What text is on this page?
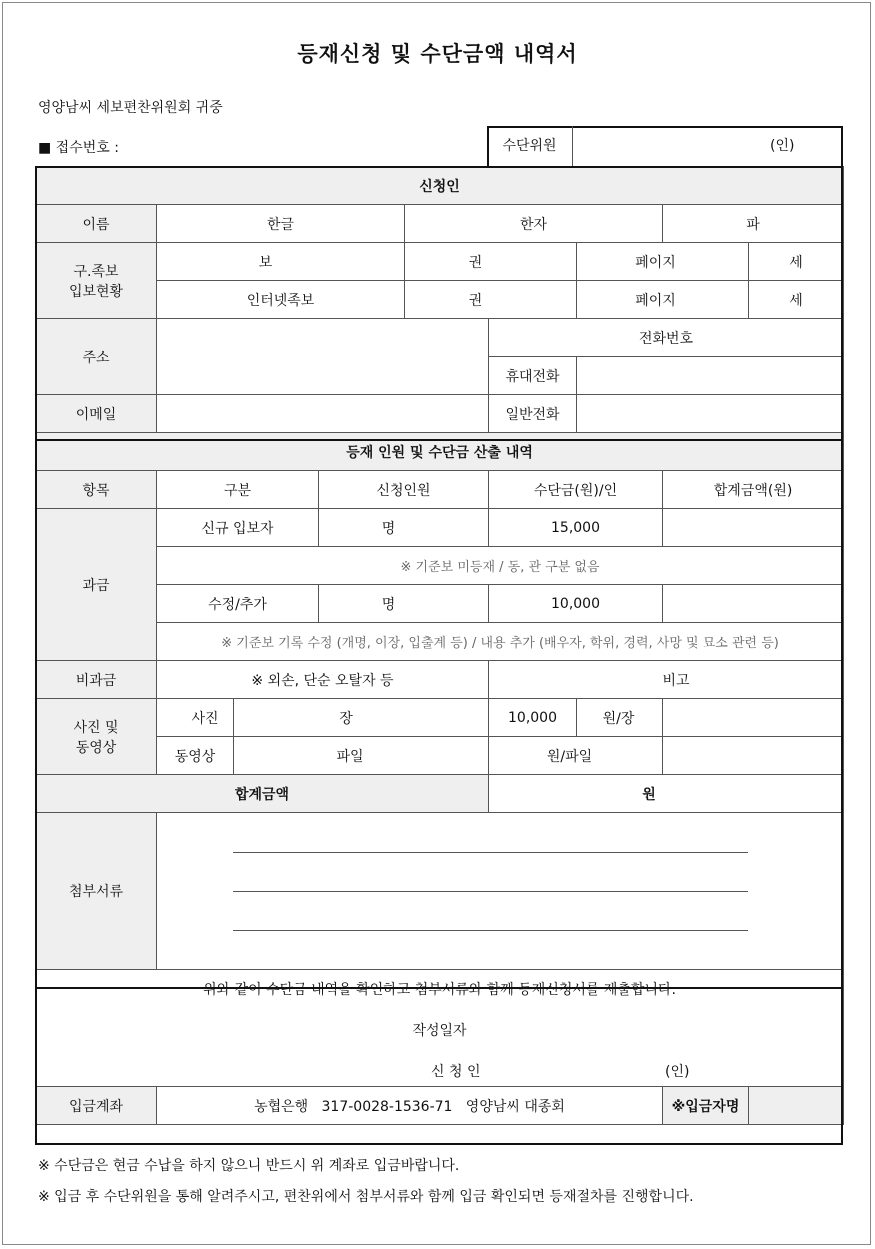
등재신청 및 수단금액 내역서
영양남씨 세보편찬위원회 귀중
■ 접수번호 :	수단위원	(인)
신청인								
이름	한글			한자			파	
구.족보
입보현황	보			권		페이지		세
	인터넷족보			권		페이지		세
주소					전화번호			
					휴대전화			
이메일					일반전화			
등재 인원 및 수단금 산출 내역								
항목	구분		신청인원		수단금(원)/인		합계금액(원)	
과금	신규 입보자		명		15,000			
	※ 기준보 미등재 / 동, 관 구분 없음							
	수정/추가		명		10,000			
	※ 기준보 기록 수정 (개명, 이장, 입출계 등) / 내용 추가 (배우자, 학위, 경력, 사망 및 묘소 관련 등)							
비과금	※ 외손, 단순 오탈자 등				비고			
사진 및
동영상	사진	장			10,000	원/장		
	동영상	파일			원/파일			
합계금액					원			
첨부서류								

위와 같이 수단금 내역을 확인하고 첨부서류와 함께 등재신청서를 제출합니다.
작성일자
신 청 인 (인)								

입금계좌	농협은행   317-0028-1536-71   영양남씨 대종회						※입금자명	
※ 수단금은 현금 수납을 하지 않으니 반드시 위 계좌로 입금바랍니다.
※ 입금 후 수단위원을 통해 알려주시고, 편찬위에서 첨부서류와 함께 입금 확인되면 등재절차를 진행합니다.
